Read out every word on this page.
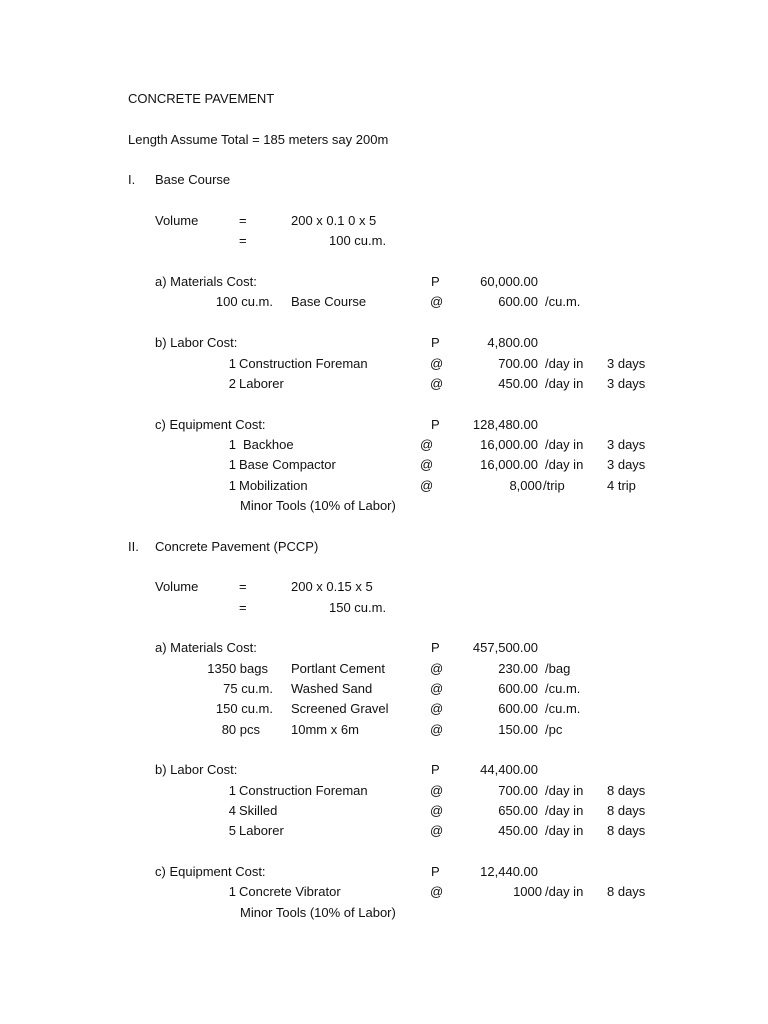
CONCRETE PAVEMENT
Length Assume Total = 185 meters say 200m
I. Base Course
Volume	=	200 x 0.1 0 x 5
=	100 cu.m.
a) Materials Cost:	P	60,000.00
100 cu.m. Base Course	@	600.00 /cu.m.
b) Labor Cost:	P	4,800.00
1 Construction Foreman	@	700.00 /day in 3 days
2 Laborer	@	450.00 /day in 3 days
c) Equipment Cost:	P	128,480.00
1 Backhoe	@	16,000.00 /day in 3 days
1 Base Compactor	@	16,000.00 /day in 3 days
1 Mobilization	@	8,000 /trip	4 trip
Minor Tools (10% of Labor)
II. Concrete Pavement (PCCP)
Volume	=	200 x 0.15 x 5
=	150 cu.m.
a) Materials Cost:	P	457,500.00
1350 bags Portlant Cement	@	230.00 /bag
75 cu.m. Washed Sand	@	600.00 /cu.m.
150 cu.m. Screened Gravel	@	600.00 /cu.m.
80 pcs 10mm x 6m	@	150.00 /pc
b) Labor Cost:	P	44,400.00
1 Construction Foreman	@	700.00 /day in 8 days
4 Skilled	@	650.00 /day in 8 days
5 Laborer	@	450.00 /day in 8 days
c) Equipment Cost:	P	12,440.00
1 Concrete Vibrator	@	1000 /day in 8 days
Minor Tools (10% of Labor)
